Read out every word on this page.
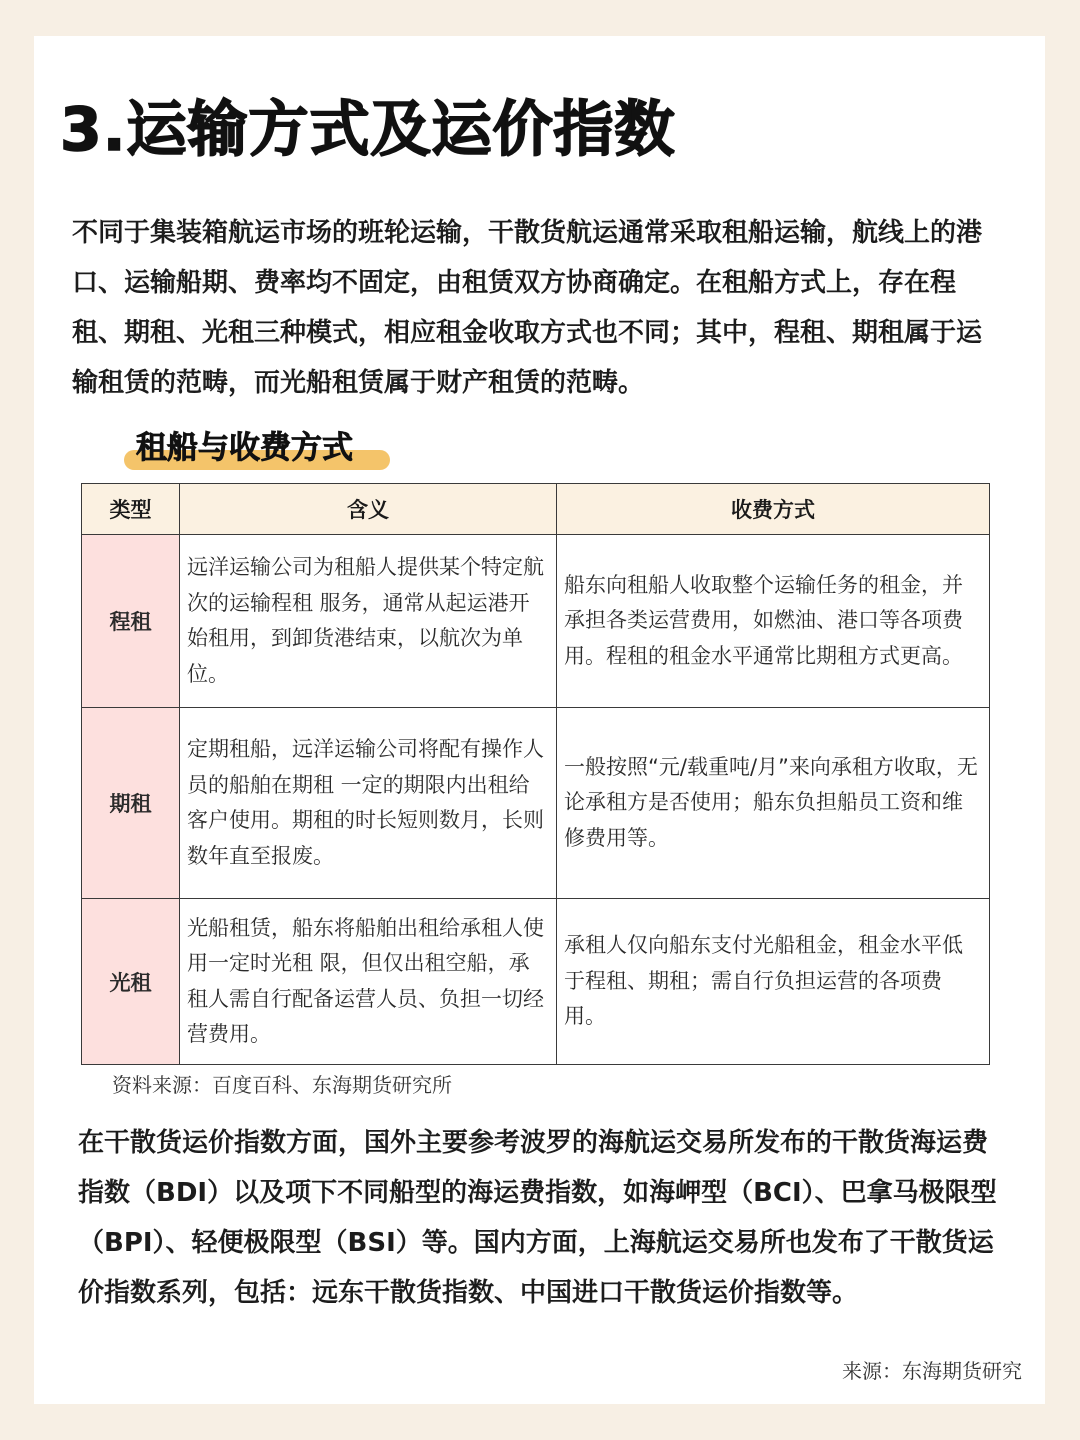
3.运输方式及运价指数

不同于集装箱航运市场的班轮运输，干散货航运通常采取租船运输，航线上的港口、运输船期、费率均不固定，由租赁双方协商确定。在租船方式上，存在程租、期租、光租三种模式，相应租金收取方式也不同；其中，程租、期租属于运输租赁的范畴，而光船租赁属于财产租赁的范畴。

租船与收费方式
类型	含义	收费方式
程租	远洋运输公司为租船人提供某个特定航次的运输程租 服务，通常从起运港开始租用，到卸货港结束，以航次为单位。	船东向租船人收取整个运输任务的租金，并承担各类运营费用，如燃油、港口等各项费用。程租的租金水平通常比期租方式更高。
期租	定期租船，远洋运输公司将配有操作人员的船舶在期租 一定的期限内出租给客户使用。期租的时长短则数月，长则数年直至报废。	一般按照“元/载重吨/月”来向承租方收取，无论承租方是否使用；船东负担船员工资和维修费用等。
光租	光船租赁，船东将船舶出租给承租人使用一定时光租 限，但仅出租空船，承租人需自行配备运营人员、负担一切经营费用。	承租人仅向船东支付光船租金，租金水平低于程租、期租；需自行负担运营的各项费用。

资料来源：百度百科、东海期货研究所

在干散货运价指数方面，国外主要参考波罗的海航运交易所发布的干散货海运费指数（BDI）以及项下不同船型的海运费指数，如海岬型（BCI）、巴拿马极限型（BPI）、轻便极限型（BSI）等。国内方面，上海航运交易所也发布了干散货运价指数系列，包括：远东干散货指数、中国进口干散货运价指数等。

来源：东海期货研究
